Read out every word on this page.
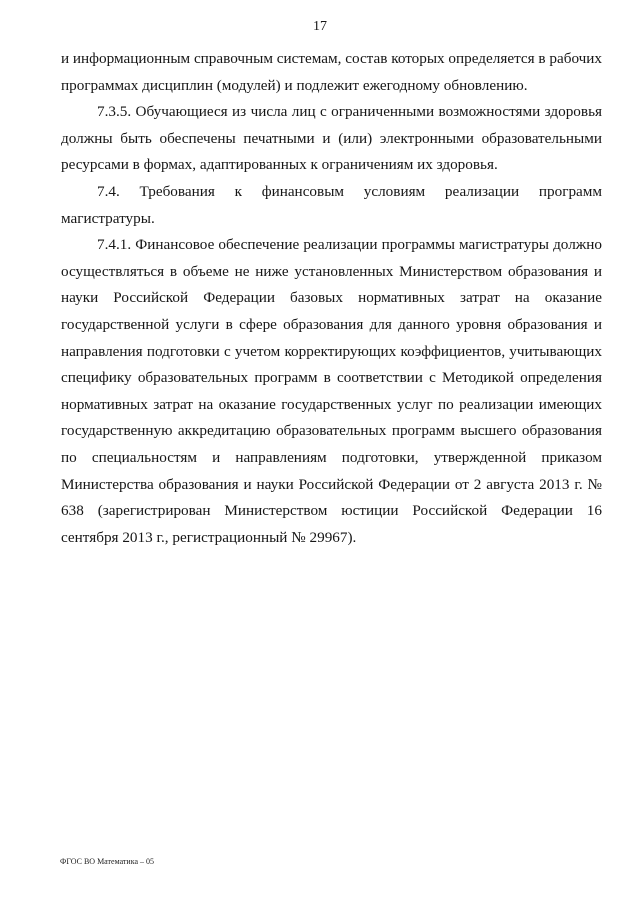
17

и информационным справочным системам, состав которых определяется в рабочих программах дисциплин (модулей) и подлежит ежегодному обновлению.

7.3.5. Обучающиеся из числа лиц с ограниченными возможностями здоровья должны быть обеспечены печатными и (или) электронными образовательными ресурсами в формах, адаптированных к ограничениям их здоровья.

7.4. Требования к финансовым условиям реализации программ магистратуры.

7.4.1. Финансовое обеспечение реализации программы магистратуры должно осуществляться в объеме не ниже установленных Министерством образования и науки Российской Федерации базовых нормативных затрат на оказание государственной услуги в сфере образования для данного уровня образования и направления подготовки с учетом корректирующих коэффициентов, учитывающих специфику образовательных программ в соответствии с Методикой определения нормативных затрат на оказание государственных услуг по реализации имеющих государственную аккредитацию образовательных программ высшего образования по специальностям и направлениям подготовки, утвержденной приказом Министерства образования и науки Российской Федерации от 2 августа 2013 г. № 638 (зарегистрирован Министерством юстиции Российской Федерации 16 сентября 2013 г., регистрационный № 29967).

ФГОС ВО Математика – 05
